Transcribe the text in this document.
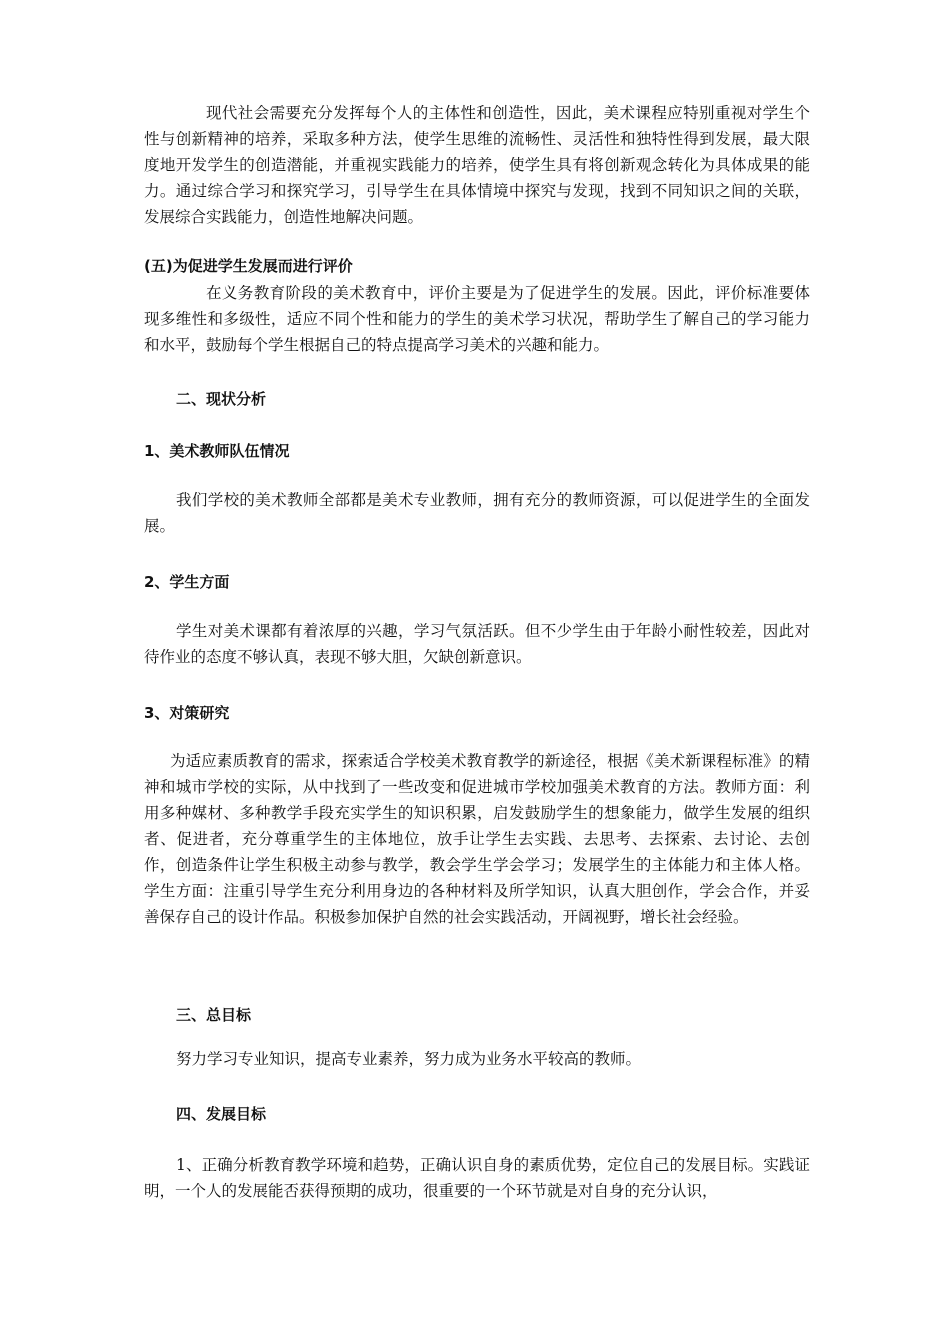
现代社会需要充分发挥每个人的主体性和创造性，因此，美术课程应特别重视对学生个性与创新精神的培养，采取多种方法，使学生思维的流畅性、灵活性和独特性得到发展，最大限度地开发学生的创造潜能，并重视实践能力的培养，使学生具有将创新观念转化为具体成果的能力。通过综合学习和探究学习，引导学生在具体情境中探究与发现，找到不同知识之间的关联，发展综合实践能力，创造性地解决问题。

(五)为促进学生发展而进行评价

在义务教育阶段的美术教育中，评价主要是为了促进学生的发展。因此，评价标准要体现多维性和多级性，适应不同个性和能力的学生的美术学习状况，帮助学生了解自己的学习能力和水平，鼓励每个学生根据自己的特点提高学习美术的兴趣和能力。

二、现状分析
1、美术教师队伍情况

我们学校的美术教师全部都是美术专业教师，拥有充分的教师资源，可以促进学生的全面发展。

2、学生方面

学生对美术课都有着浓厚的兴趣，学习气氛活跃。但不少学生由于年龄小耐性较差，因此对待作业的态度不够认真，表现不够大胆，欠缺创新意识。

3、对策研究

为适应素质教育的需求，探索适合学校美术教育教学的新途径，根据《美术新课程标准》的精神和城市学校的实际，从中找到了一些改变和促进城市学校加强美术教育的方法。教师方面：利用多种媒材、多种教学手段充实学生的知识积累，启发鼓励学生的想象能力，做学生发展的组织者、促进者，充分尊重学生的主体地位，放手让学生去实践、去思考、去探索、去讨论、去创作，创造条件让学生积极主动参与教学，教会学生学会学习；发展学生的主体能力和主体人格。学生方面：注重引导学生充分利用身边的各种材料及所学知识，认真大胆创作，学会合作，并妥善保存自己的设计作品。积极参加保护自然的社会实践活动，开阔视野，增长社会经验。

三、总目标

努力学习专业知识，提高专业素养，努力成为业务水平较高的教师。

四、发展目标

1、正确分析教育教学环境和趋势，正确认识自身的素质优势，定位自己的发展目标。实践证明，一个人的发展能否获得预期的成功，很重要的一个环节就是对自身的充分认识，
